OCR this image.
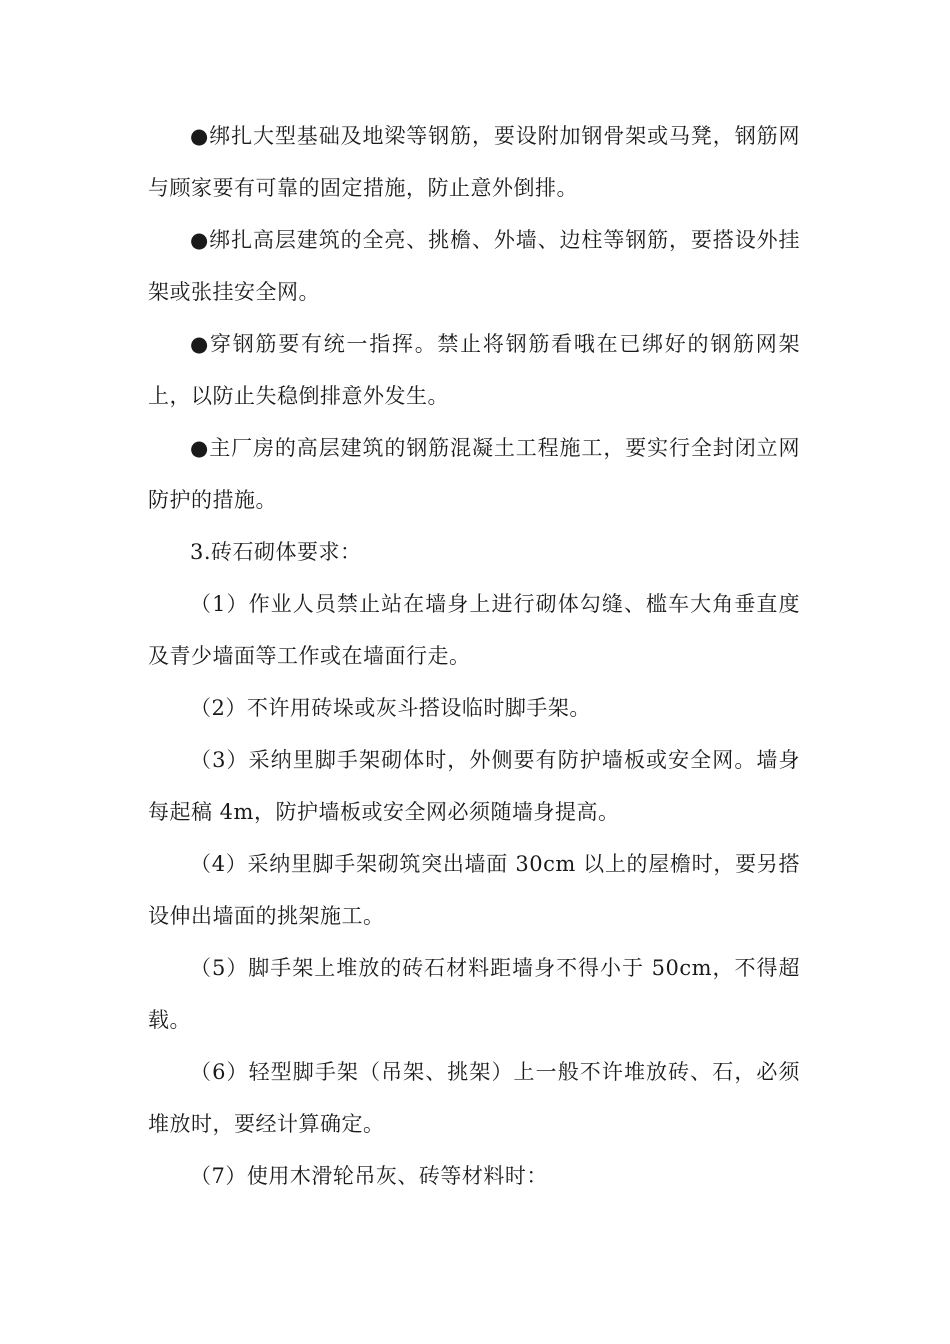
●绑扎大型基础及地梁等钢筋，要设附加钢骨架或马凳，钢筋网与顾家要有可靠的固定措施，防止意外倒排。

●绑扎高层建筑的全亮、挑檐、外墙、边柱等钢筋，要搭设外挂架或张挂安全网。

●穿钢筋要有统一指挥。禁止将钢筋看哦在已绑好的钢筋网架上，以防止失稳倒排意外发生。

●主厂房的高层建筑的钢筋混凝土工程施工，要实行全封闭立网防护的措施。

3.砖石砌体要求：

（1）作业人员禁止站在墙身上进行砌体勾缝、槛车大角垂直度及青少墙面等工作或在墙面行走。

（2）不许用砖垛或灰斗搭设临时脚手架。

（3）采纳里脚手架砌体时，外侧要有防护墙板或安全网。墙身每起稿 4m，防护墙板或安全网必须随墙身提高。

（4）采纳里脚手架砌筑突出墙面 30cm 以上的屋檐时，要另搭设伸出墙面的挑架施工。

（5）脚手架上堆放的砖石材料距墙身不得小于 50cm，不得超载。

（6）轻型脚手架（吊架、挑架）上一般不许堆放砖、石，必须堆放时，要经计算确定。

（7）使用木滑轮吊灰、砖等材料时：
